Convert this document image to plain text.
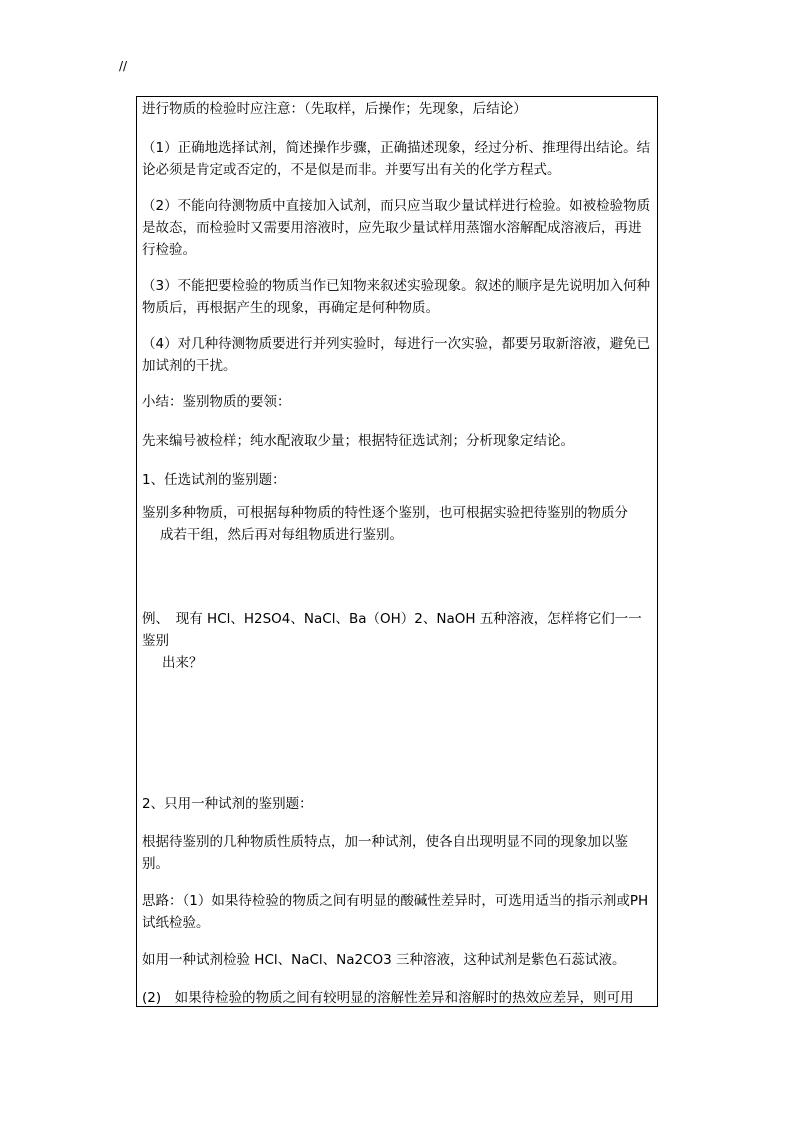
//

进行物质的检验时应注意：（先取样，后操作；先现象，后结论）

（1）正确地选择试剂，简述操作步骤，正确描述现象，经过分析、推理得出结论。结论必须是肯定或否定的，不是似是而非。并要写出有关的化学方程式。

（2）不能向待测物质中直接加入试剂，而只应当取少量试样进行检验。如被检验物质是故态，而检验时又需要用溶液时，应先取少量试样用蒸馏水溶解配成溶液后，再进行检验。

（3）不能把要检验的物质当作已知物来叙述实验现象。叙述的顺序是先说明加入何种物质后，再根据产生的现象，再确定是何种物质。

（4）对几种待测物质要进行并列实验时，每进行一次实验，都要另取新溶液，避免已加试剂的干扰。

小结：鉴别物质的要领：

先来编号被检样；纯水配液取少量；根据特征选试剂；分析现象定结论。

1、任选试剂的鉴别题：

鉴别多种物质，可根据每种物质的特性逐个鉴别，也可根据实验把待鉴别的物质分
成若干组，然后再对每组物质进行鉴别。
例、　现有 HCl、H2SO4、NaCl、Ba（OH）2、NaOH 五种溶液，怎样将它们一一鉴别
出来？

2、只用一种试剂的鉴别题：

根据待鉴别的几种物质性质特点，加一种试剂，使各自出现明显不同的现象加以鉴别。

思路：（1）如果待检验的物质之间有明显的酸碱性差异时，可选用适当的指示剂或PH试纸检验。

如用一种试剂检验 HCl、NaCl、Na2CO3 三种溶液，这种试剂是紫色石蕊试液。

(2)　如果待检验的物质之间有较明显的溶解性差异和溶解时的热效应差异，则可用
